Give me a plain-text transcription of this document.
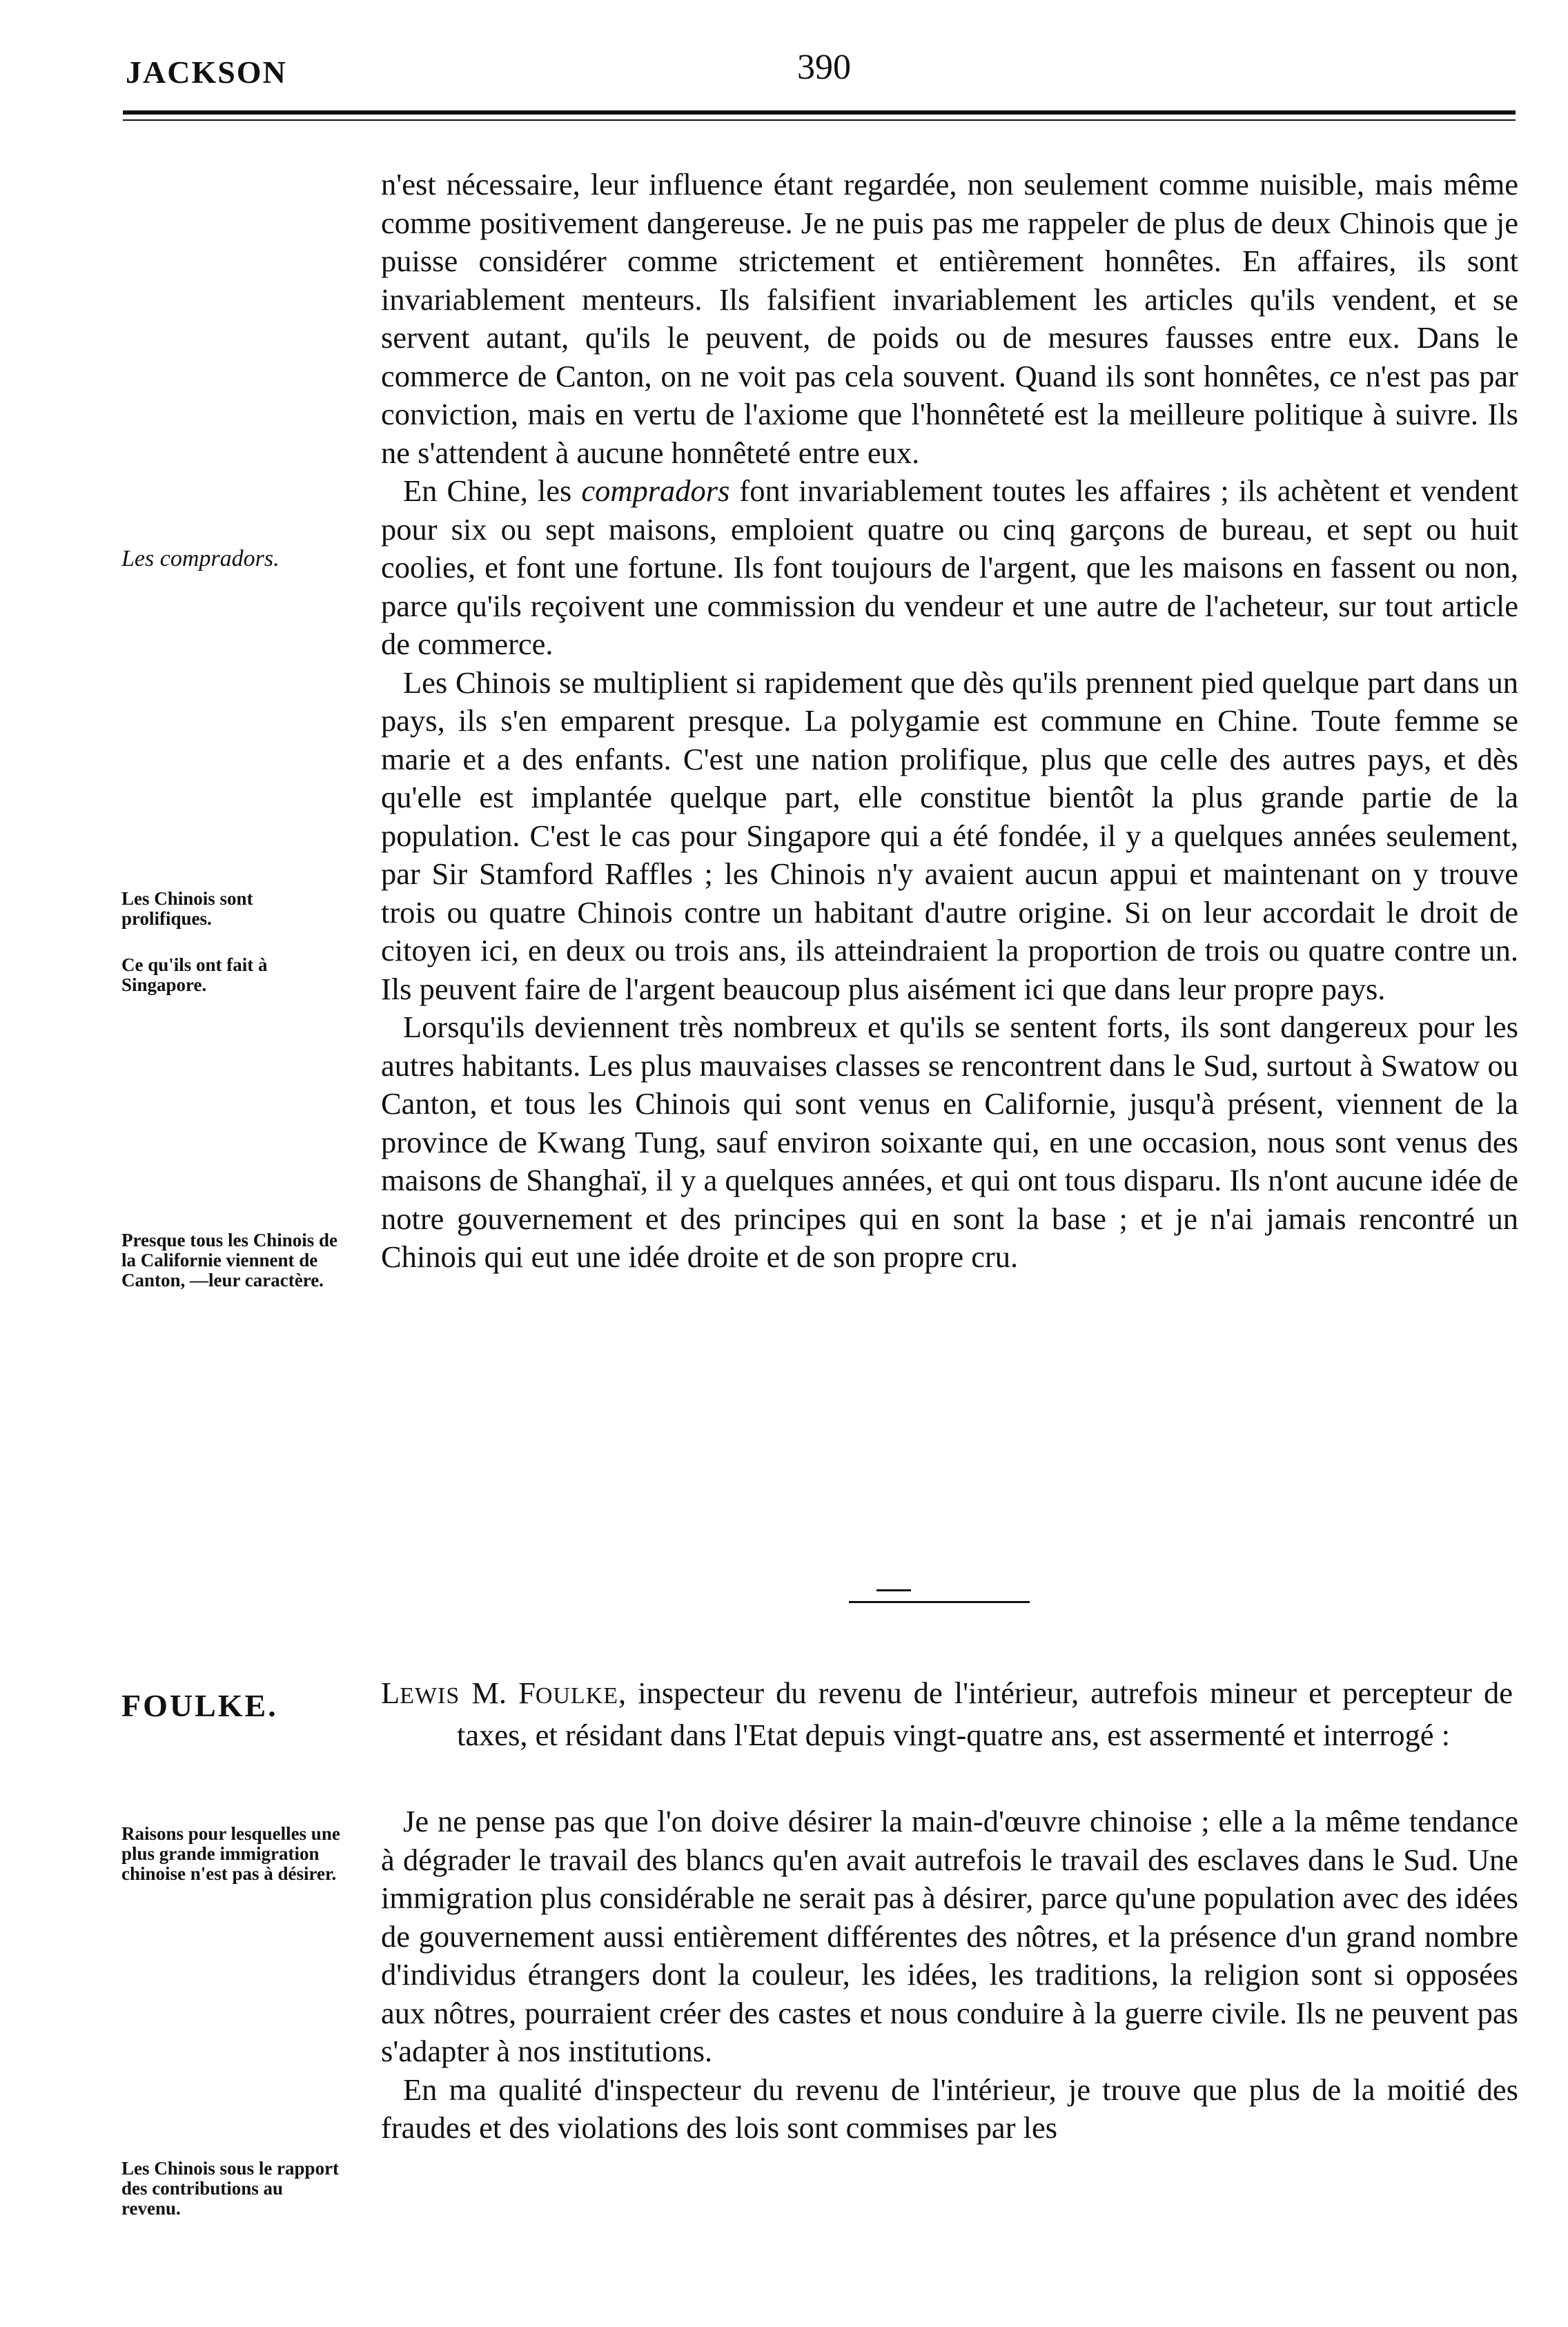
JACKSON	390
Les compradors.
Les Chinois sont prolifiques.
Ce qu'ils ont fait à Singapore.
Presque tous les Chinois de la Californie viennent de Canton, —leur caractère.
Raisons pour lesquelles une plus grande immigration chinoise n'est pas à désirer.
Les Chinois sous le rapport des contributions au revenu.

n'est nécessaire, leur influence étant regardée, non seulement comme nuisible, mais même comme positivement dangereuse. Je ne puis pas me rappeler de plus de deux Chinois que je puisse considérer comme strictement et entièrement honnêtes. En affaires, ils sont invariablement menteurs. Ils falsifient invariablement les articles qu'ils vendent, et se servent autant, qu'ils le peuvent, de poids ou de mesures fausses entre eux. Dans le commerce de Canton, on ne voit pas cela souvent. Quand ils sont honnêtes, ce n'est pas par conviction, mais en vertu de l'axiome que l'honnêteté est la meilleure politique à suivre. Ils ne s'attendent à aucune honnêteté entre eux.

En Chine, les compradors font invariablement toutes les affaires ; ils achètent et vendent pour six ou sept maisons, emploient quatre ou cinq garçons de bureau, et sept ou huit coolies, et font une fortune. Ils font toujours de l'argent, que les maisons en fassent ou non, parce qu'ils reçoivent une commission du vendeur et une autre de l'acheteur, sur tout article de commerce.

Les Chinois se multiplient si rapidement que dès qu'ils prennent pied quelque part dans un pays, ils s'en emparent presque. La polygamie est commune en Chine. Toute femme se marie et a des enfants. C'est une nation prolifique, plus que celle des autres pays, et dès qu'elle est implantée quelque part, elle constitue bientôt la plus grande partie de la population. C'est le cas pour Singapore qui a été fondée, il y a quelques années seulement, par Sir Stamford Raffles ; les Chinois n'y avaient aucun appui et maintenant on y trouve trois ou quatre Chinois contre un habitant d'autre origine. Si on leur accordait le droit de citoyen ici, en deux ou trois ans, ils atteindraient la proportion de trois ou quatre contre un. Ils peuvent faire de l'argent beaucoup plus aisément ici que dans leur propre pays.

Lorsqu'ils deviennent très nombreux et qu'ils se sentent forts, ils sont dangereux pour les autres habitants. Les plus mauvaises classes se rencontrent dans le Sud, surtout à Swatow ou Canton, et tous les Chinois qui sont venus en Californie, jusqu'à présent, viennent de la province de Kwang Tung, sauf environ soixante qui, en une occasion, nous sont venus des maisons de Shanghaï, il y a quelques années, et qui ont tous disparu. Ils n'ont aucune idée de notre gouvernement et des principes qui en sont la base ; et je n'ai jamais rencontré un Chinois qui eut une idée droite et de son propre cru.

FOULKE.	LEWIS M. FOULKE, inspecteur du revenu de l'intérieur, autrefois mineur et percepteur de taxes, et résidant dans l'Etat depuis vingt-quatre ans, est assermenté et interrogé :

Je ne pense pas que l'on doive désirer la main-d'œuvre chinoise ; elle a la même tendance à dégrader le travail des blancs qu'en avait autrefois le travail des esclaves dans le Sud. Une immigration plus considérable ne serait pas à désirer, parce qu'une population avec des idées de gouvernement aussi entièrement différentes des nôtres, et la présence d'un grand nombre d'individus étrangers dont la couleur, les idées, les traditions, la religion sont si opposées aux nôtres, pourraient créer des castes et nous conduire à la guerre civile. Ils ne peuvent pas s'adapter à nos institutions.

En ma qualité d'inspecteur du revenu de l'intérieur, je trouve que plus de la moitié des fraudes et des violations des lois sont commises par les
